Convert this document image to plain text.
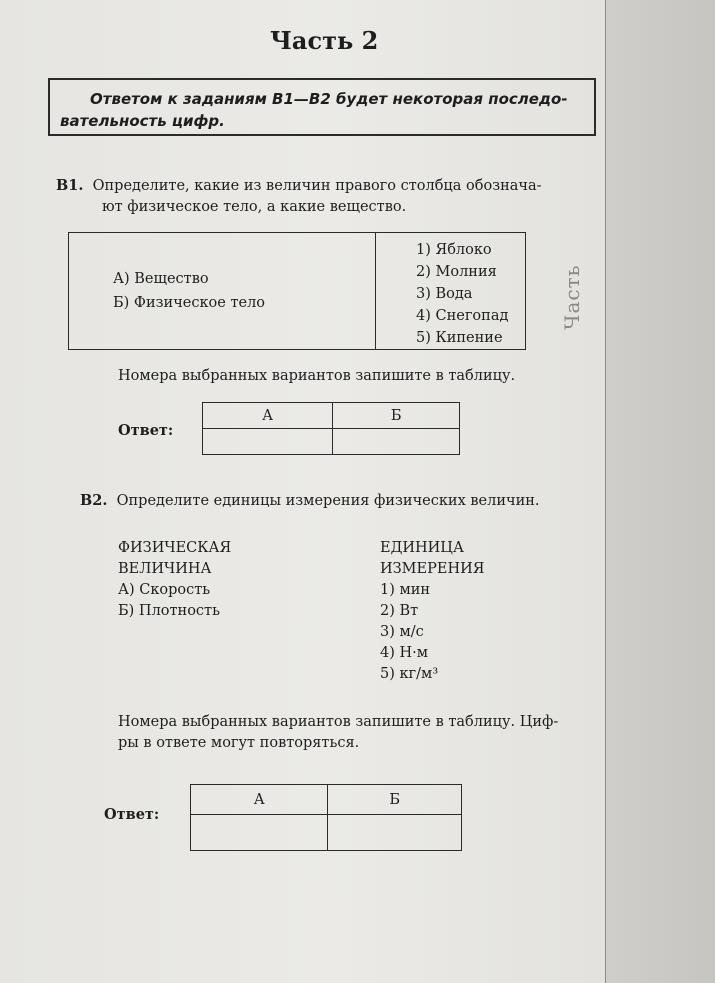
Часть
Часть 2
Ответом к заданиям В1—В2 будет некоторая последо-
вательность цифр.
В1. Определите, какие из величин правого столбца обознача-
ют физическое тело, а какие вещество.
А) Вещество
Б) Физическое тело

1) Яблоко
2) Молния
3) Вода
4) Снегопад
5) Кипение
Номера выбранных вариантов запишите в таблицу.
Ответ:
А	Б

В2. Определите единицы измерения физических величин.
ФИЗИЧЕСКАЯ
ВЕЛИЧИНА
А) Скорость
Б) Плотность
ЕДИНИЦА
ИЗМЕРЕНИЯ
1) мин
2) Вт
3) м/с
4) Н·м
5) кг/м³
Номера выбранных вариантов запишите в таблицу. Циф-
ры в ответе могут повторяться.
Ответ:
А	Б
